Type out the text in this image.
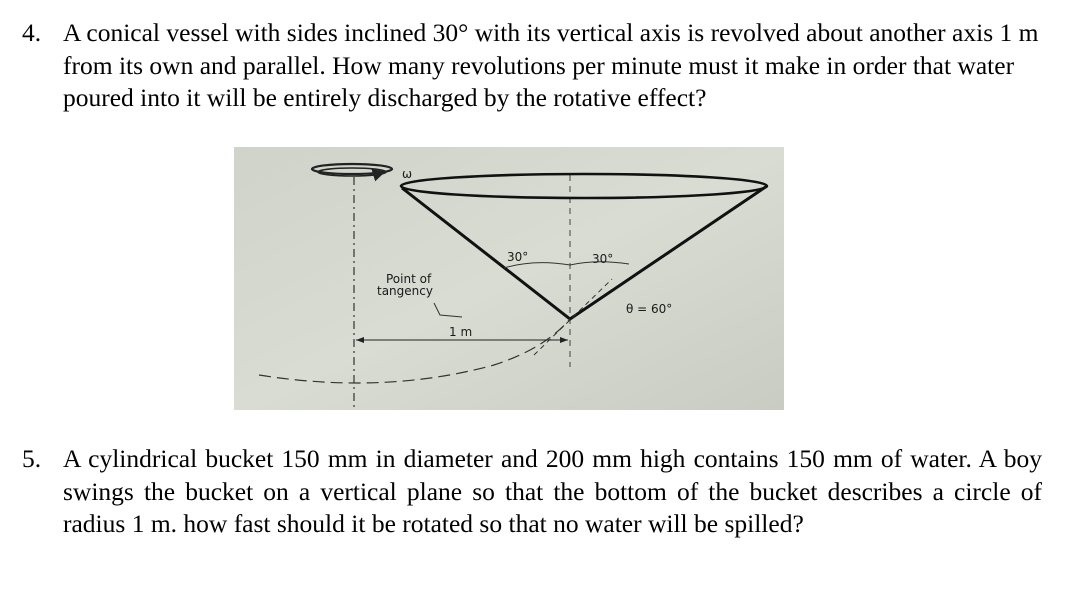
4. A conical vessel with sides inclined 30° with its vertical axis is revolved about another axis 1 m from its own and parallel. How many revolutions per minute must it make in order that water poured into it will be entirely discharged by the rotative effect?
ω
30°	30°
Point of
tangency
θ = 60°
1 m
5. A cylindrical bucket 150 mm in diameter and 200 mm high contains 150 mm of water. A boy swings the bucket on a vertical plane so that the bottom of the bucket describes a circle of radius 1 m. how fast should it be rotated so that no water will be spilled?
